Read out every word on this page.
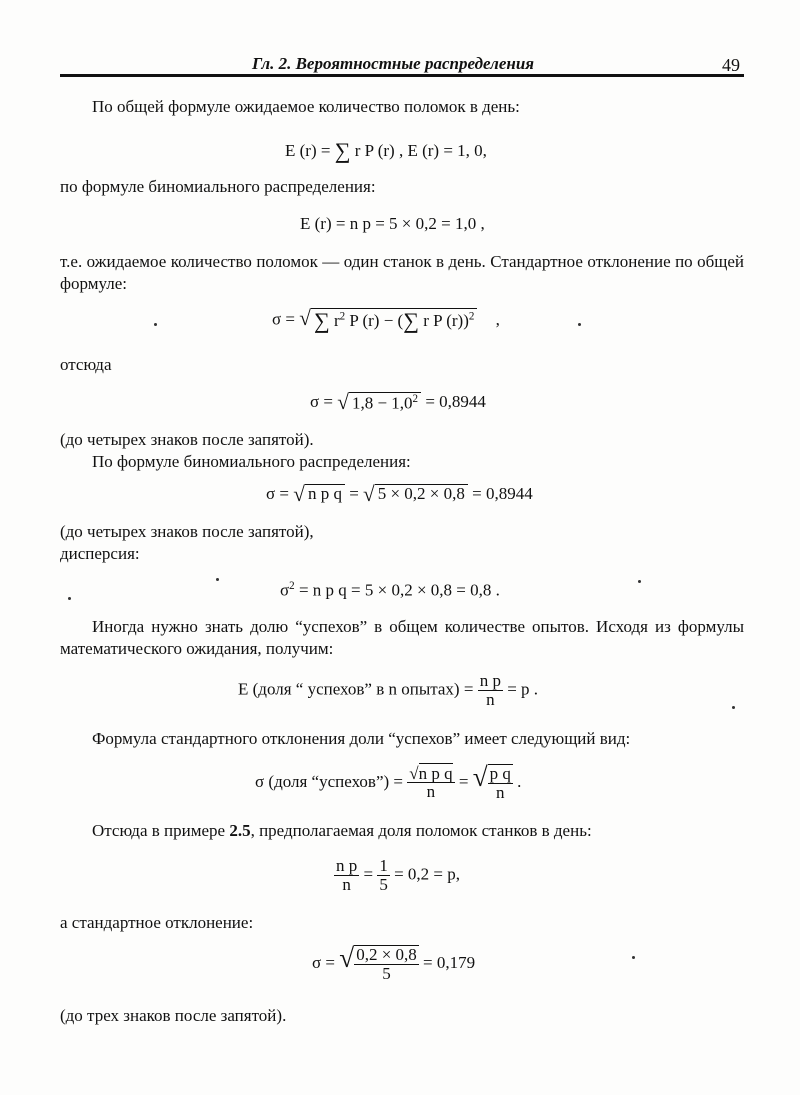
Гл. 2. Вероятностные распределения	49
По общей формуле ожидаемое количество поломок в день:
E (r) = ∑ r P (r) , E (r) = 1, 0,
по формуле биномиального распределения:
E (r) = n p = 5 × 0,2 = 1,0 ,
т.е. ожидаемое количество поломок — один станок в день. Стандартное отклонение по общей формуле:
σ = √ ∑ $r^2$ P (r) − (∑ r P (r))$^2$ ,
отсюда
σ = √ $1,8 - 1,0^2 = 0,8944$
(до четырех знаков после запятой).
По формуле биномиального распределения:
σ = √ n p q = √ 5 × 0,2 × 0,8 = 0,8944
(до четырех знаков после запятой),
дисперсия:
$\sigma^2 = n$ p q = 5 × 0,2 × 0,8 = 0,8 .
Иногда нужно знать долю “успехов” в общем количестве опытов. Исходя из формулы математического ожидания, получим:
E (доля “ успехов” в n опытах) = $\frac{\text{n p}}{n} = p$ .
Формула стандартного отклонения доли “успехов” имеет следующий вид:
σ (доля “успехов”) = $\frac{\text{√n p q}}{n}$ = √ $\frac{\text{p q}}{n}$ .
Отсюда в примере 2.5, предполагаемая доля поломок станков в день:
$\frac{\text{n p}}{n} = \frac{1}{5} = 0,2 = p$,
а стандартное отклонение:
σ = √ $\frac{0,2 \times 0,8}{5} = 0,179$
(до трех знаков после запятой).
